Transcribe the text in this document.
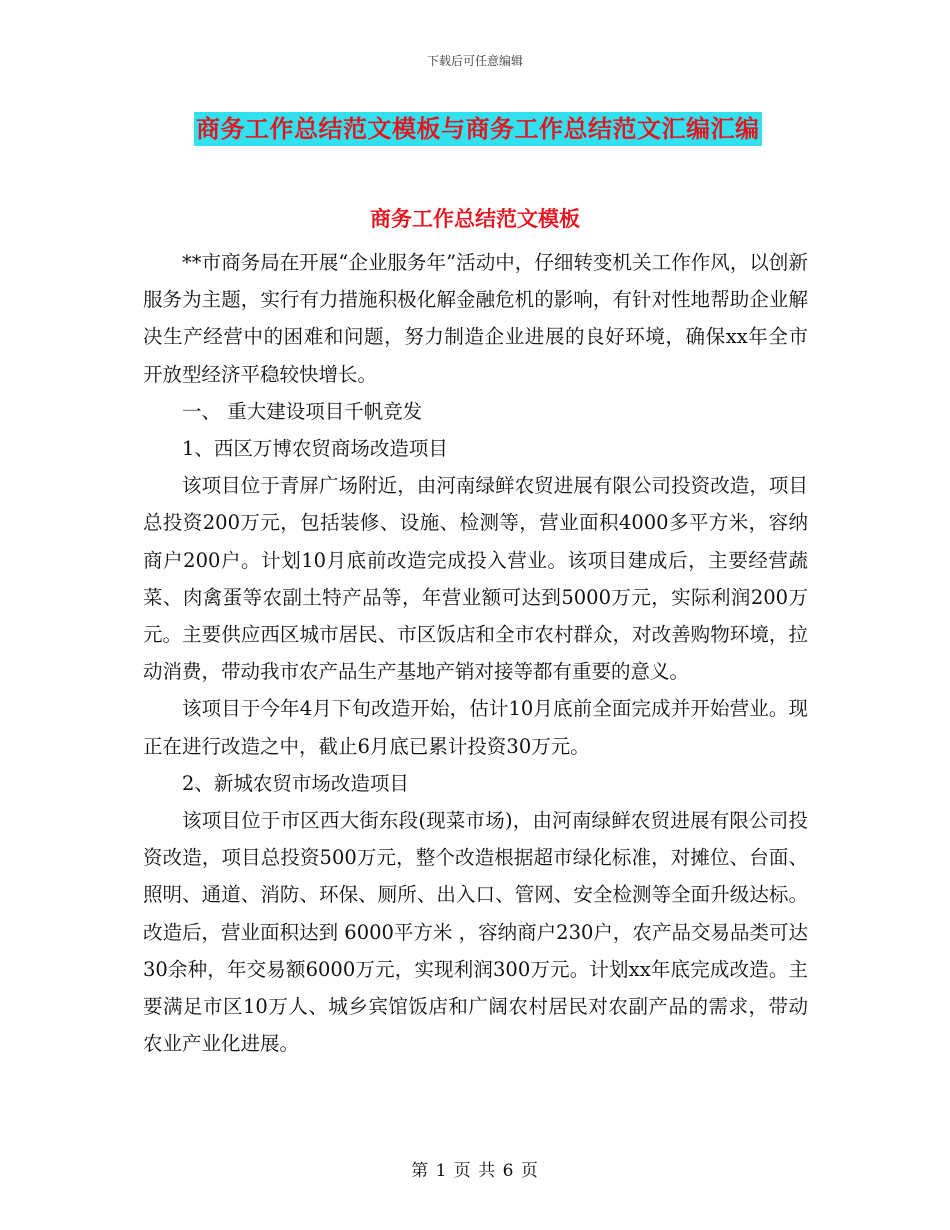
下载后可任意编辑
商务工作总结范文模板与商务工作总结范文汇编汇编
商务工作总结范文模板

**市商务局在开展“企业服务年”活动中，仔细转变机关工作作风，以创新服务为主题，实行有力措施积极化解金融危机的影响，有针对性地帮助企业解决生产经营中的困难和问题，努力制造企业进展的良好环境，确保xx年全市开放型经济平稳较快增长。

一、 重大建设项目千帆竞发

1、西区万博农贸商场改造项目

该项目位于青屏广场附近，由河南绿鲜农贸进展有限公司投资改造，项目总投资200万元，包括装修、设施、检测等，营业面积4000多平方米，容纳商户200户。计划10月底前改造完成投入营业。该项目建成后，主要经营蔬菜、肉禽蛋等农副土特产品等，年营业额可达到5000万元，实际利润200万元。主要供应西区城市居民、市区饭店和全市农村群众，对改善购物环境，拉动消费，带动我市农产品生产基地产销对接等都有重要的意义。

该项目于今年4月下旬改造开始，估计10月底前全面完成并开始营业。现正在进行改造之中，截止6月底已累计投资30万元。

2、新城农贸市场改造项目

该项目位于市区西大街东段(现菜市场)，由河南绿鲜农贸进展有限公司投资改造，项目总投资500万元，整个改造根据超市绿化标准，对摊位、台面、照明、通道、消防、环保、厕所、出入口、管网、安全检测等全面升级达标。改造后，营业面积达到 6000平方米 ，容纳商户230户，农产品交易品类可达30余种，年交易额6000万元，实现利润300万元。计划xx年底完成改造。主要满足市区10万人、城乡宾馆饭店和广阔农村居民对农副产品的需求，带动农业产业化进展。

第 1 页 共 6 页
